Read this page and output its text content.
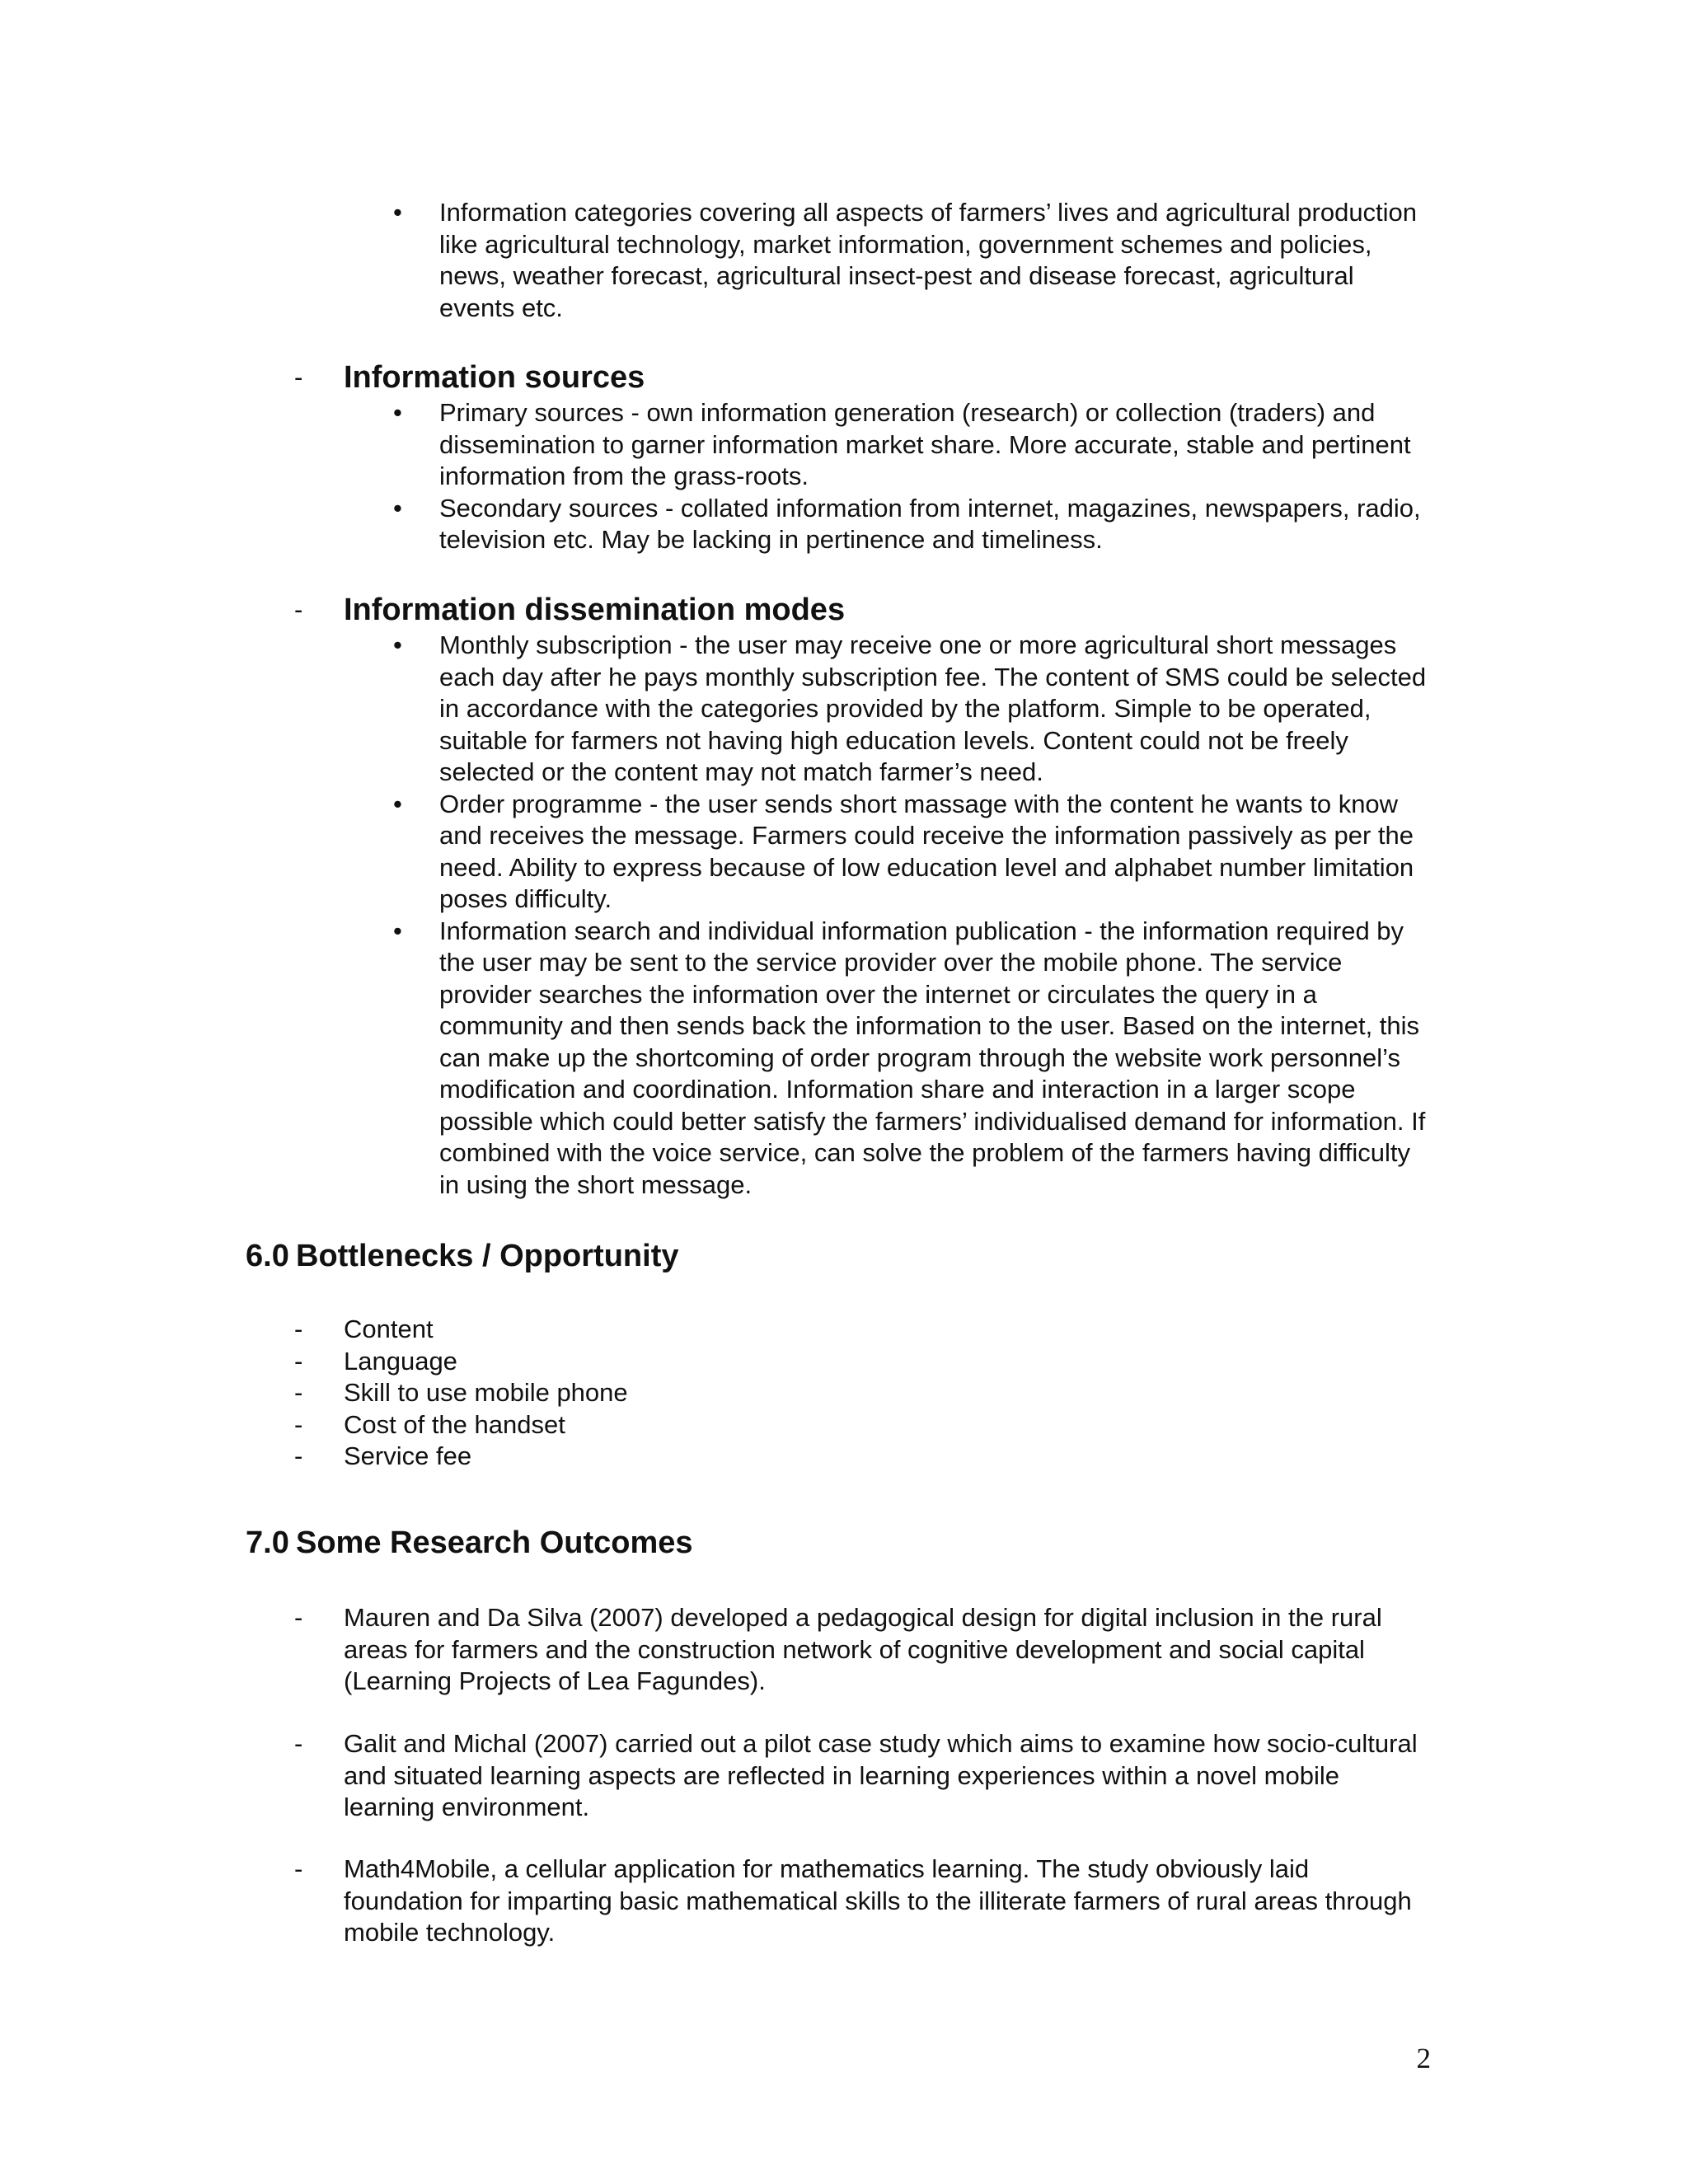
• Information categories covering all aspects of farmers’ lives and agricultural production like agricultural technology, market information, government schemes and policies, news, weather forecast, agricultural insect-pest and disease forecast, agricultural events etc.
- Information sources
• Primary sources - own information generation (research) or collection (traders) and dissemination to garner information market share. More accurate, stable and pertinent information from the grass-roots.
• Secondary sources - collated information from internet, magazines, newspapers, radio, television etc. May be lacking in pertinence and timeliness.
- Information dissemination modes
• Monthly subscription - the user may receive one or more agricultural short messages each day after he pays monthly subscription fee. The content of SMS could be selected in accordance with the categories provided by the platform. Simple to be operated, suitable for farmers not having high education levels. Content could not be freely selected or the content may not match farmer’s need.
• Order programme - the user sends short massage with the content he wants to know and receives the message. Farmers could receive the information passively as per the need. Ability to express because of low education level and alphabet number limitation poses difficulty.
• Information search and individual information publication - the information required by the user may be sent to the service provider over the mobile phone. The service provider searches the information over the internet or circulates the query in a community and then sends back the information to the user. Based on the internet, this can make up the shortcoming of order program through the website work personnel’s modification and coordination. Information share and interaction in a larger scope possible which could better satisfy the farmers’ individualised demand for information. If combined with the voice service, can solve the problem of the farmers having difficulty in using the short message.
6.0 Bottlenecks / Opportunity
- Content
- Language
- Skill to use mobile phone
- Cost of the handset
- Service fee
7.0 Some Research Outcomes
- Mauren and Da Silva (2007) developed a pedagogical design for digital inclusion in the rural areas for farmers and the construction network of cognitive development and social capital (Learning Projects of Lea Fagundes).
- Galit and Michal (2007) carried out a pilot case study which aims to examine how socio-cultural and situated learning aspects are reflected in learning experiences within a novel mobile learning environment.
- Math4Mobile, a cellular application for mathematics learning. The study obviously laid foundation for imparting basic mathematical skills to the illiterate farmers of rural areas through mobile technology.
2
